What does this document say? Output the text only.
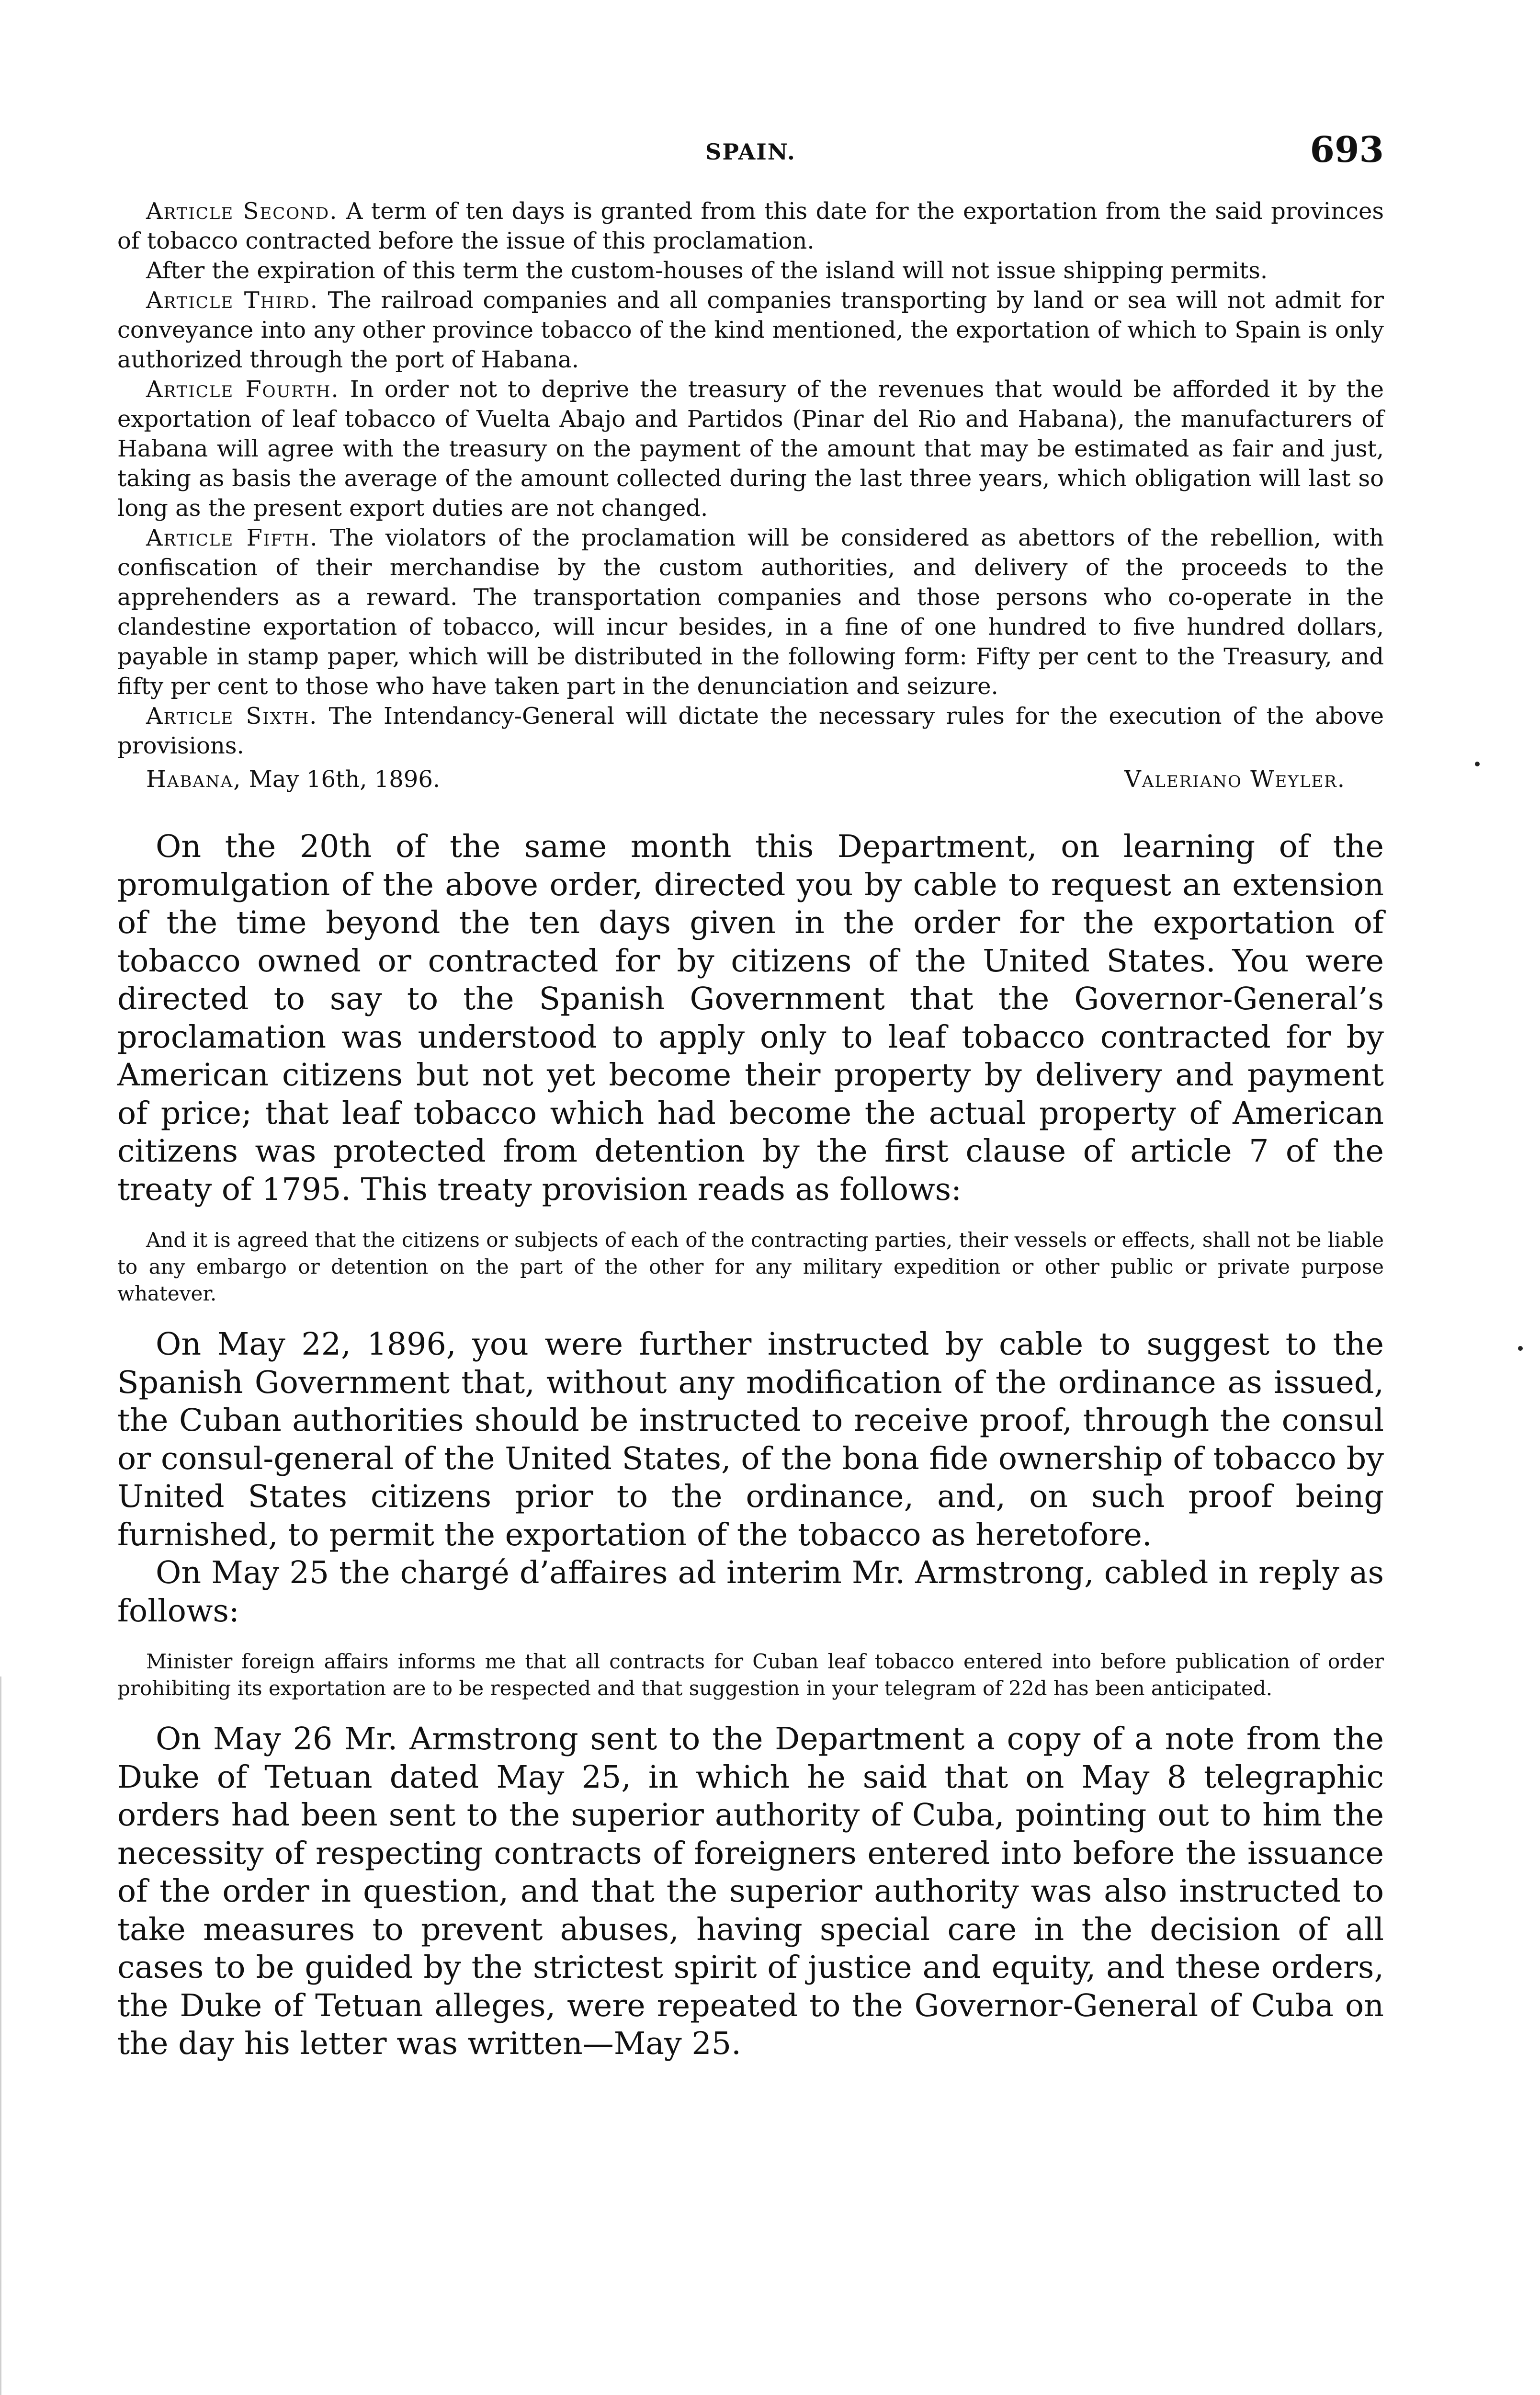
SPAIN.	693

Article Second. A term of ten days is granted from this date for the exportation from the said provinces of tobacco contracted before the issue of this proclamation.

After the expiration of this term the custom-houses of the island will not issue shipping permits.

Article Third. The railroad companies and all companies transporting by land or sea will not admit for conveyance into any other province tobacco of the kind mentioned, the exportation of which to Spain is only authorized through the port of Habana.

Article Fourth. In order not to deprive the treasury of the revenues that would be afforded it by the exportation of leaf tobacco of Vuelta Abajo and Partidos (Pinar del Rio and Habana), the manufacturers of Habana will agree with the treasury on the payment of the amount that may be estimated as fair and just, taking as basis the average of the amount collected during the last three years, which obligation will last so long as the present export duties are not changed.

Article Fifth. The violators of the proclamation will be considered as abettors of the rebellion, with confiscation of their merchandise by the custom authorities, and delivery of the proceeds to the apprehenders as a reward. The transportation companies and those persons who co-operate in the clandestine exportation of tobacco, will incur besides, in a fine of one hundred to five hundred dollars, payable in stamp paper, which will be distributed in the following form: Fifty per cent to the Treasury, and fifty per cent to those who have taken part in the denunciation and seizure.

Article Sixth. The Intendancy-General will dictate the necessary rules for the execution of the above provisions.

Habana, May 16th, 1896.	Valeriano Weyler.

On the 20th of the same month this Department, on learning of the promulgation of the above order, directed you by cable to request an extension of the time beyond the ten days given in the order for the exportation of tobacco owned or contracted for by citizens of the United States. You were directed to say to the Spanish Government that the Governor-General’s proclamation was understood to apply only to leaf tobacco contracted for by American citizens but not yet become their property by delivery and payment of price; that leaf tobacco which had become the actual property of American citizens was protected from detention by the first clause of article 7 of the treaty of 1795. This treaty provision reads as follows:

And it is agreed that the citizens or subjects of each of the contracting parties, their vessels or effects, shall not be liable to any embargo or detention on the part of the other for any military expedition or other public or private purpose whatever.

On May 22, 1896, you were further instructed by cable to suggest to the Spanish Government that, without any modification of the ordinance as issued, the Cuban authorities should be instructed to receive proof, through the consul or consul-general of the United States, of the bona fide ownership of tobacco by United States citizens prior to the ordinance, and, on such proof being furnished, to permit the exportation of the tobacco as heretofore.

On May 25 the chargé d’affaires ad interim Mr. Armstrong, cabled in reply as follows:

Minister foreign affairs informs me that all contracts for Cuban leaf tobacco entered into before publication of order prohibiting its exportation are to be respected and that suggestion in your telegram of 22d has been anticipated.

On May 26 Mr. Armstrong sent to the Department a copy of a note from the Duke of Tetuan dated May 25, in which he said that on May 8 telegraphic orders had been sent to the superior authority of Cuba, pointing out to him the necessity of respecting contracts of foreigners entered into before the issuance of the order in question, and that the superior authority was also instructed to take measures to prevent abuses, having special care in the decision of all cases to be guided by the strictest spirit of justice and equity, and these orders, the Duke of Tetuan alleges, were repeated to the Governor-General of Cuba on the day his letter was written—May 25.
